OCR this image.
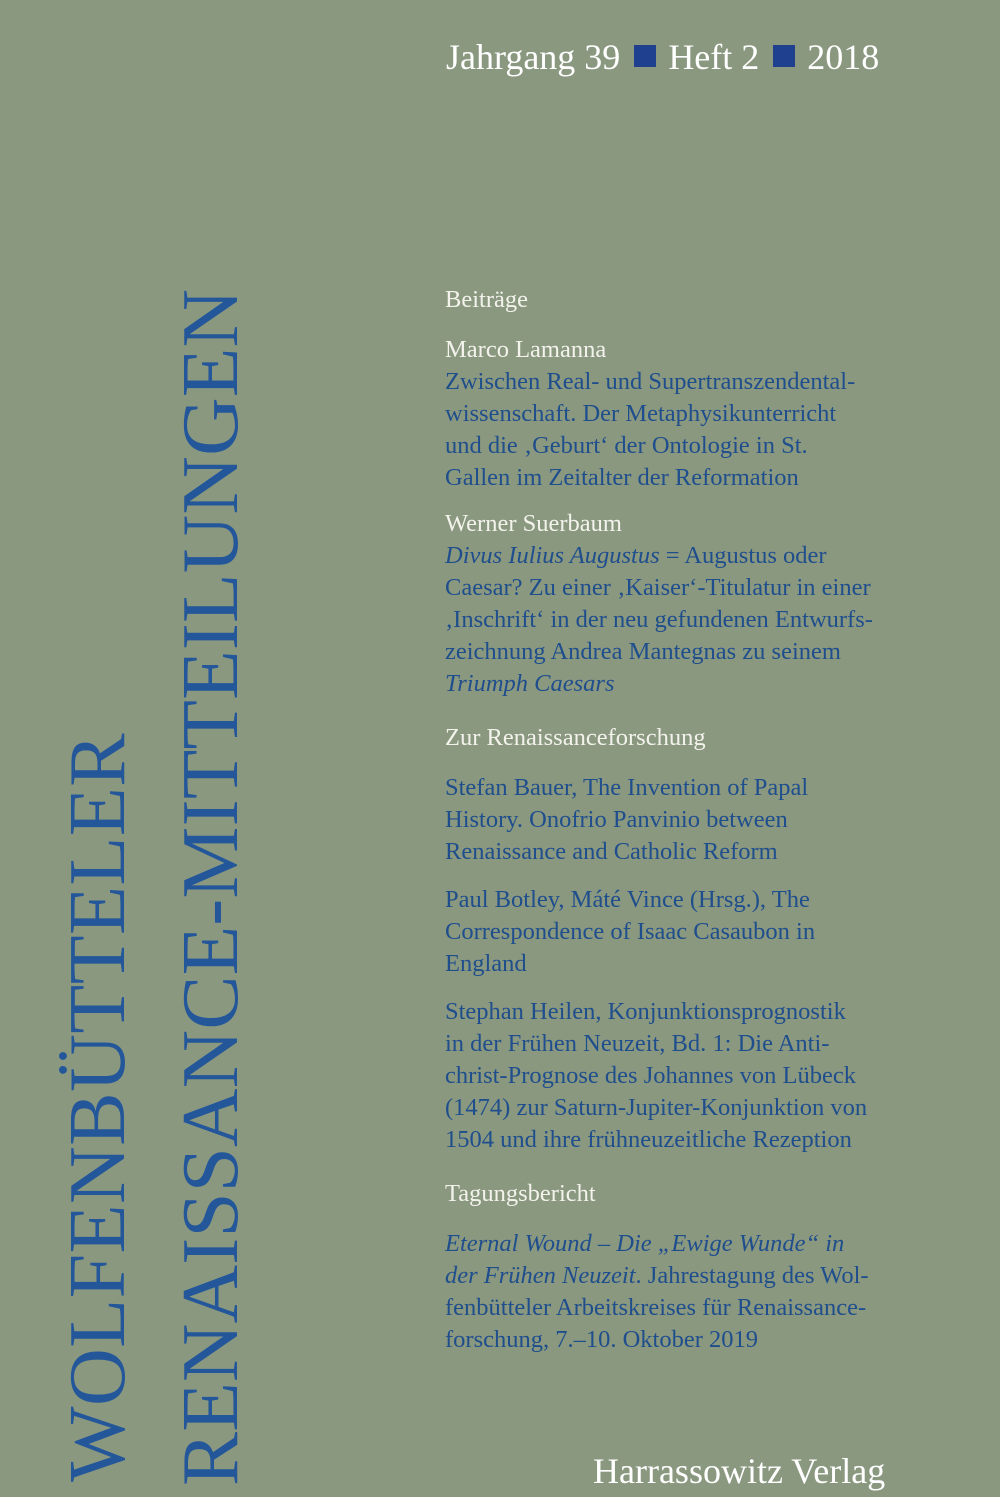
WOLFENBÜTTELER RENAISSANCE-MITTEILUNGEN
Jahrgang 39 Heft 2 2018
Beiträge
Marco Lamanna
Zwischen Real- und Supertranszendental-
wissenschaft. Der Metaphysikunterricht
und die ‚Geburt‘ der Ontologie in St.
Gallen im Zeitalter der Reformation
Werner Suerbaum
Divus Iulius Augustus = Augustus oder
Caesar? Zu einer ‚Kaiser‘-Titulatur in einer
‚Inschrift‘ in der neu gefundenen Entwurfs-
zeichnung Andrea Mantegnas zu seinem
Triumph Caesars
Zur Renaissanceforschung
Stefan Bauer, The Invention of Papal
History. Onofrio Panvinio between
Renaissance and Catholic Reform
Paul Botley, Máté Vince (Hrsg.), The
Correspondence of Isaac Casaubon in
England
Stephan Heilen, Konjunktionsprognostik
in der Frühen Neuzeit, Bd. 1: Die Anti-
christ-Prognose des Johannes von Lübeck
(1474) zur Saturn-Jupiter-Konjunktion von
1504 und ihre frühneuzeitliche Rezeption
Tagungsbericht
Eternal Wound – Die „Ewige Wunde“ in
der Frühen Neuzeit. Jahrestagung des Wol-
fenbütteler Arbeitskreises für Renaissance-
forschung, 7.–10. Oktober 2019
Harrassowitz Verlag
